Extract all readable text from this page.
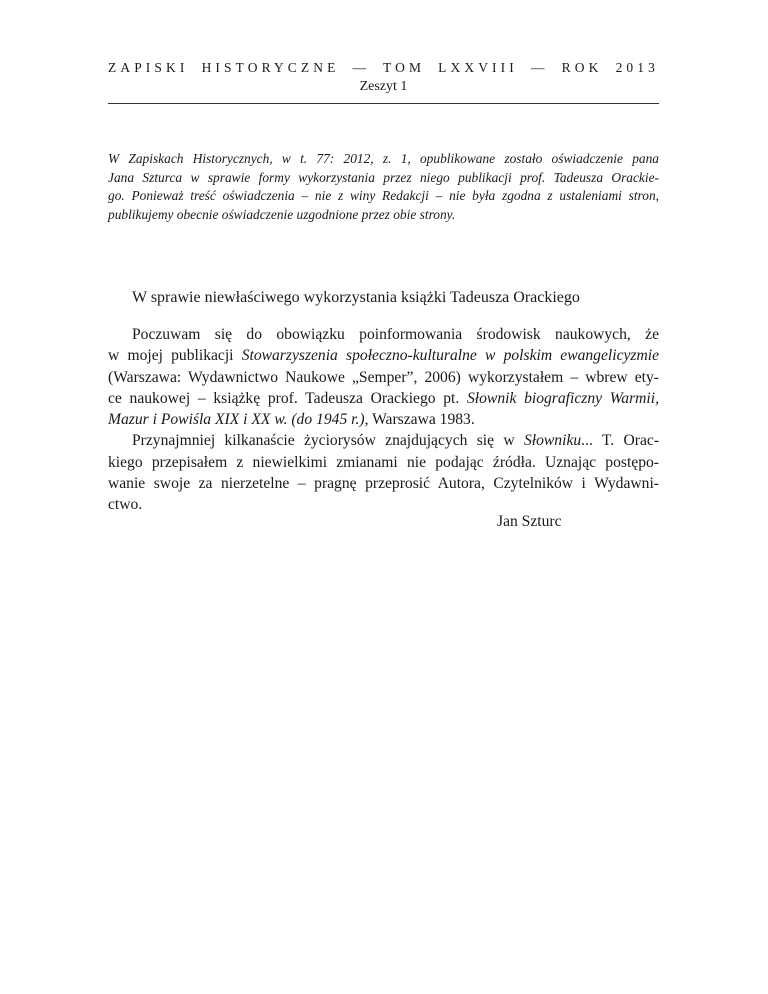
ZAPISKI HISTORYCZNE — TOM LXXVIII — ROK 2013
Zeszyt 1
W Zapiskach Historycznych, w t. 77: 2012, z. 1, opublikowane zostało oświadczenie pana
Jana Szturca w sprawie formy wykorzystania przez niego publikacji prof. Tadeusza Orackie-
go. Ponieważ treść oświadczenia – nie z winy Redakcji – nie była zgodna z ustaleniami stron,
publikujemy obecnie oświadczenie uzgodnione przez obie strony.
W sprawie niewłaściwego wykorzystania książki Tadeusza Orackiego
Poczuwam się do obowiązku poinformowania środowisk naukowych, że
w mojej publikacji Stowarzyszenia społeczno-kulturalne w polskim ewangelicyzmie
(Warszawa: Wydawnictwo Naukowe „Semper”, 2006) wykorzystałem – wbrew ety-
ce naukowej – książkę prof. Tadeusza Orackiego pt. Słownik biograficzny Warmii,
Mazur i Powiśla XIX i XX w. (do 1945 r.), Warszawa 1983.
Przynajmniej kilkanaście życiorysów znajdujących się w Słowniku... T. Orac-
kiego przepisałem z niewielkimi zmianami nie podając źródła. Uznając postępo-
wanie swoje za nierzetelne – pragnę przeprosić Autora, Czytelników i Wydawni-
ctwo.
Jan Szturc
